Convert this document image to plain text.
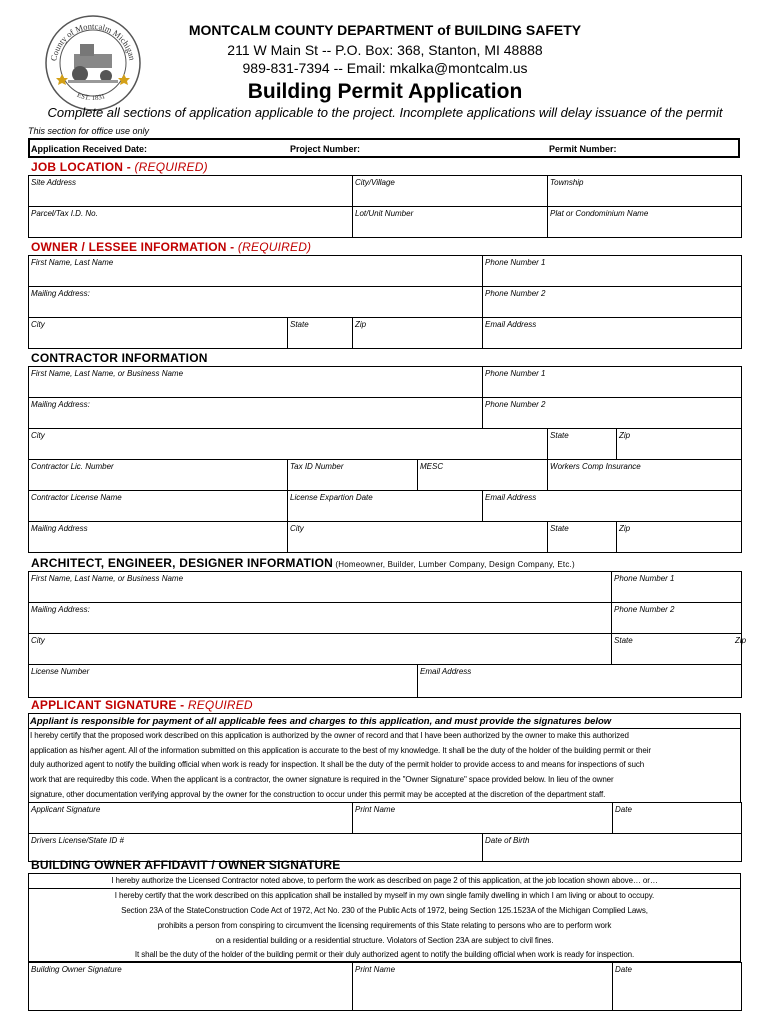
County of Montcalm Michigan
EST. 1831
MONTCALM COUNTY DEPARTMENT of BUILDING SAFETY
211 W Main St -- P.O. Box: 368, Stanton, MI 48888
989-831-7394 -- Email: mkalka@montcalm.us
Building Permit Application
Complete all sections of application applicable to the project. Incomplete applications will delay issuance of the permit
This section for office use only
Application Received Date:	Project Number:	Permit Number:
JOB LOCATION - (REQUIRED)
Site Address	City/Village	Township
Parcel/Tax I.D. No.	Lot/Unit Number	Plat or Condominium Name
OWNER / LESSEE INFORMATION - (REQUIRED)
First Name, Last Name			Phone Number 1
Mailing Address:			Phone Number 2
City	State	Zip	Email Address
CONTRACTOR INFORMATION
First Name, Last Name, or Business Name			Phone Number 1	
Mailing Address:			Phone Number 2	
City				State Zip

Contractor Lic. Number	Tax ID Number	MESC		Workers Comp Insurance
Contractor License Name	License Expartion Date		Email Address	
Mailing Address	City			State Zip
ARCHITECT, ENGINEER, DESIGNER INFORMATION (Homeowner, Builder, Lumber Company, Design Company, Etc.)
First Name, Last Name, or Business Name		Phone Number 1
Mailing Address:		Phone Number 2
City		State Zip

License Number	Email Address	
APPLICANT SIGNATURE - REQUIRED
Appliant is responsible for payment of all applicable fees and charges to this application, and must provide the signatures below
I hereby certify that the proposed work described on this application is authorized by the owner of record and that I have been authorized by the owner to make this authorized
application as his/her agent. All of the information submitted on this application is accurate to the best of my knowledge. It shall be the duty of the holder of the building permit or their
duly authorized agent to notify the building official when work is ready for inspection. It shall be the duty of the permit holder to provide access to and means for inspections of such
work that are requiredby this code. When the applicant is a contractor, the owner signature is required in the "Owner Signature" space provided below. In lieu of the owner
signature, other documentation verifying approval by the owner for the construction to occur under this permit may be accepted at the discretion of the department staff.
Applicant Signature	Print Name		Date
Drivers License/State ID #		Date of Birth	
BUILDING OWNER AFFIDAVIT / OWNER SIGNATURE
I hereby authorize the Licensed Contractor noted above, to perform the work as described on page 2 of this application, at the job location shown above… or…
I hereby certify that the work described on this application shall be installed by myself in my own single family dwelling in which I am living or about to occupy.
Section 23A of the StateConstruction Code Act of 1972, Act No. 230 of the Public Acts of 1972, being Section 125.1523A of the Michigan Complied Laws,
prohibits a person from conspiring to circumvent the licensing requirements of this State relating to persons who are to perform work
on a residential building or a residential structure. Violators of Section 23A are subject to civil fines.
It shall be the duty of the holder of the building permit or their duly authorized agent to notify the building official when work is ready for inspection.
Building Owner Signature	Print Name	Date
